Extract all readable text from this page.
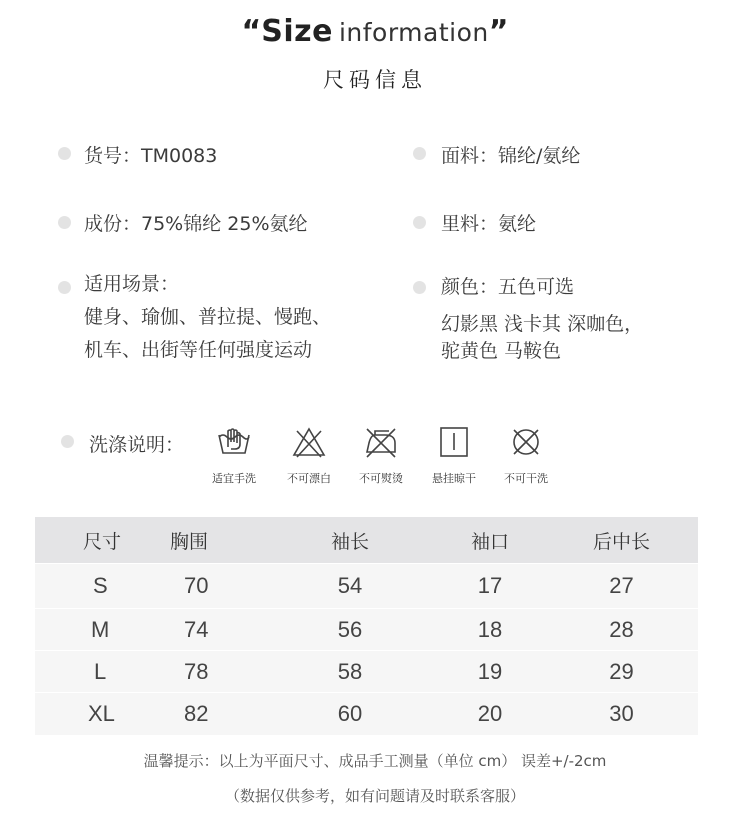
“Size information”
尺码信息
货号：TM0083	面料：锦纶/氨纶
成份：75%锦纶 25%氨纶	里料：氨纶
适用场景：
健身、瑜伽、普拉提、慢跑、
机车、出街等任何强度运动
颜色：五色可选
幻影黑 浅卡其 深咖色，
驼黄色 马鞍色
洗涤说明：
适宜手洗	不可漂白	不可熨烫	悬挂晾干	不可干洗
尺寸	胸围	袖长	袖口	后中长
S	70	54	17	27
M	74	56	18	28
L	78	58	19	29
XL	82	60	20	30
温馨提示：以上为平面尺寸、成品手工测量（单位 cm） 误差+/-2cm
（数据仅供参考，如有问题请及时联系客服）
